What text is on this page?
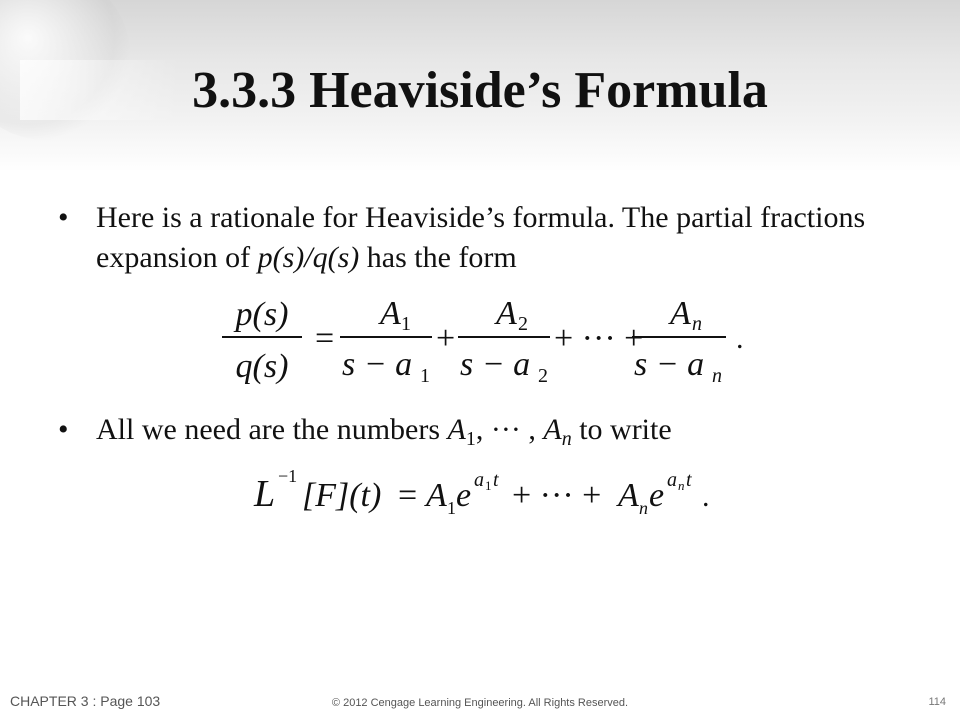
3.3.3 Heaviside’s Formula
• Here is a rationale for Heaviside’s formula. The partial fractions expansion of p(s)/q(s) has the form
p(s)
q(s)
=
A 1
s − a 1
+
A 2
s − a 2
+ ··· +
A n
s − a n
.
• All we need are the numbers $A_1$, ··· , $A_n$ to write
L −1
[F](t) = A 1 e a 1 t + ··· + A n e a n t .
CHAPTER 3 : Page 103	© 2012 Cengage Learning Engineering. All Rights Reserved.	114
